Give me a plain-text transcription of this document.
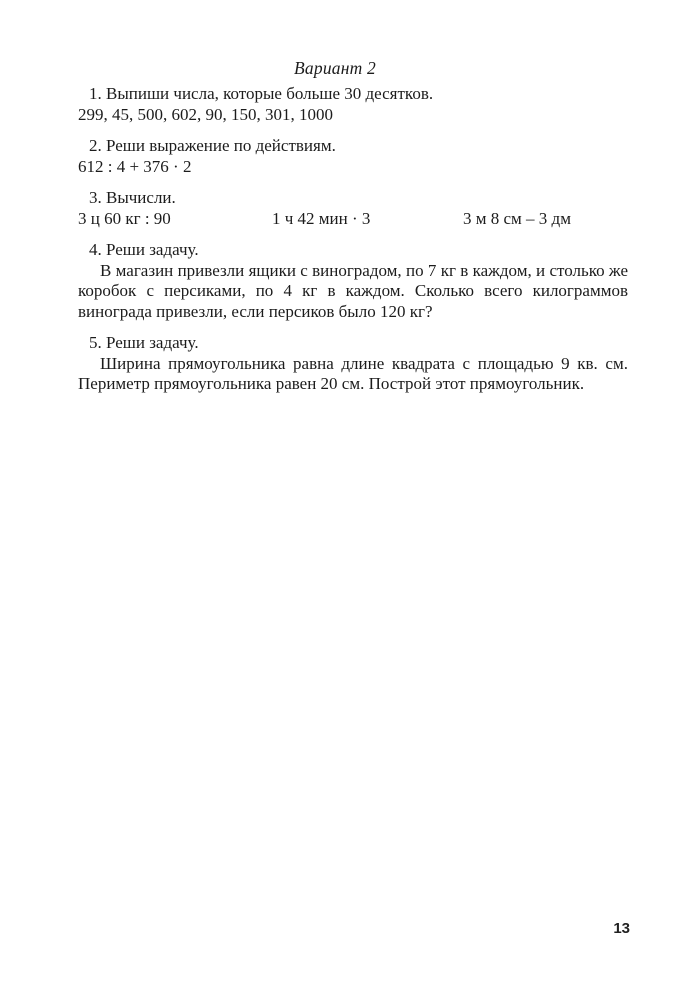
Вариант 2
1. Выпиши числа, которые больше 30 десятков.
299, 45, 500, 602, 90, 150, 301, 1000
2. Реши выражение по действиям.
612 : 4 + 376 · 2
3. Вычисли.
3 ц 60 кг : 90	1 ч 42 мин · 3	3 м 8 см – 3 дм
4. Реши задачу.
В магазин привезли ящики с виноградом, по 7 кг в каждом, и столько же коробок с персиками, по 4 кг в каждом. Сколько всего килограммов винограда привезли, если персиков было 120 кг?
5. Реши задачу.
Ширина прямоугольника равна длине квадрата с площадью 9 кв. см. Периметр прямоугольника равен 20 см. Построй этот прямоугольник.
13
